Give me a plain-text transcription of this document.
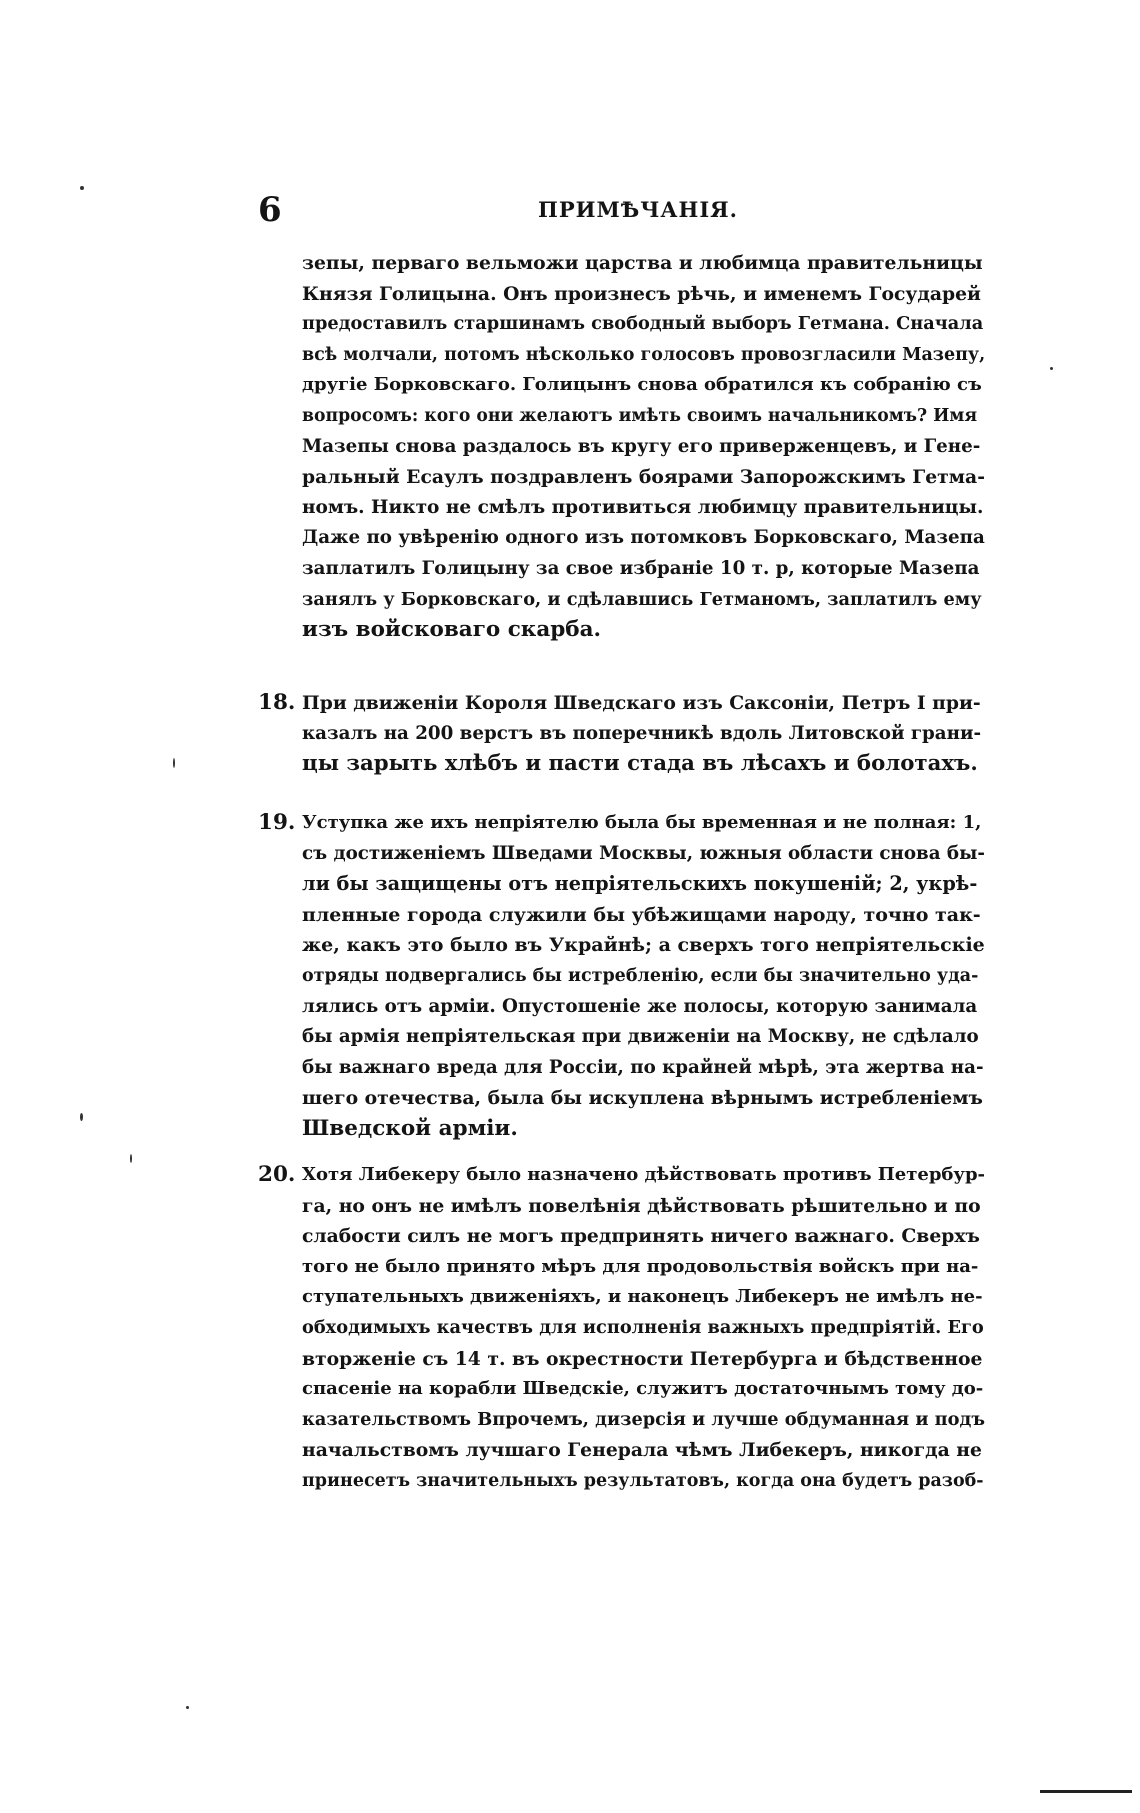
6	ПРИМѢЧАНІЯ.
зепы, перваго вельможи царства и любимца правительницы
Князя Голицына. Онъ произнесъ рѣчь, и именемъ Государей
предоставилъ старшинамъ свободный выборъ Гетмана. Сначала
всѣ молчали, потомъ нѣсколько голосовъ провозгласили Мазепу,
другіе Борковскаго. Голицынъ снова обратился къ собранію съ
вопросомъ: кого они желаютъ имѣть своимъ начальникомъ? Имя
Мазепы снова раздалось въ кругу его приверженцевъ, и Гене-
ральный Есаулъ поздравленъ боярами Запорожскимъ Гетма-
номъ. Никто не смѣлъ противиться любимцу правительницы.
Даже по увѣренію одного изъ потомковъ Борковскаго, Мазепа
заплатилъ Голицыну за свое избраніе 10 т. р, которые Мазепа
занялъ у Борковскаго, и сдѣлавшись Гетманомъ, заплатилъ ему
изъ войсковаго скарба.
18. При движеніи Короля Шведскаго изъ Саксоніи, Петръ I при-
казалъ на 200 верстъ въ поперечникѣ вдоль Литовской грани-
цы зарыть хлѣбъ и пасти стада въ лѣсахъ и болотахъ.
19. Уступка же ихъ непріятелю была бы временная и не полная: 1,
съ достиженіемъ Шведами Москвы, южныя области снова бы-
ли бы защищены отъ непріятельскихъ покушеній; 2, укрѣ-
пленные города служили бы убѣжищами народу, точно так-
же, какъ это было въ Украйнѣ; а сверхъ того непріятельскіе
отряды подвергались бы истребленію, если бы значительно уда-
лялись отъ арміи. Опустошеніе же полосы, которую занимала
бы армія непріятельская при движеніи на Москву, не сдѣлало
бы важнаго вреда для Россіи, по крайней мѣрѣ, эта жертва на-
шего отечества, была бы искуплена вѣрнымъ истребленіемъ
Шведской арміи.
20. Хотя Либекеру было назначено дѣйствовать противъ Петербур-
га, но онъ не имѣлъ повелѣнія дѣйствовать рѣшительно и по
слабости силъ не могъ предпринять ничего важнаго. Сверхъ
того не было принято мѣръ для продовольствія войскъ при на-
ступательныхъ движеніяхъ, и наконецъ Либекеръ не имѣлъ не-
обходимыхъ качествъ для исполненія важныхъ предпріятій. Его
вторженіе съ 14 т. въ окрестности Петербурга и бѣдственное
спасеніе на корабли Шведскіе, служитъ достаточнымъ тому до-
казательствомъ Впрочемъ, дизерсія и лучше обдуманная и подъ
начальствомъ лучшаго Генерала чѣмъ Либекеръ, никогда не
принесетъ значительныхъ результатовъ, когда она будетъ разоб-
